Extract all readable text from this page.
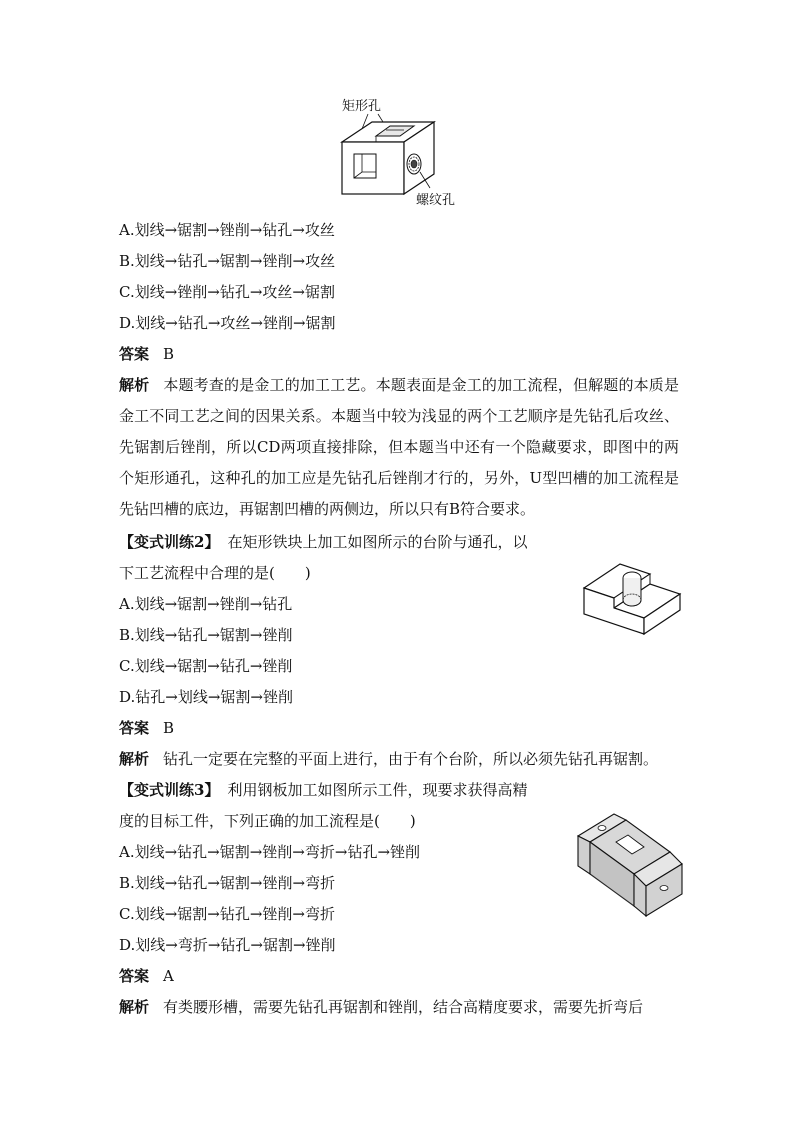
矩形孔
螺纹孔
A.划线→锯割→锉削→钻孔→攻丝
B.划线→钻孔→锯割→锉削→攻丝
C.划线→锉削→钻孔→攻丝→锯割
D.划线→钻孔→攻丝→锉削→锯割
答案 B
解析 本题考查的是金工的加工工艺。本题表面是金工的加工流程，但解题的本质是金工不同工艺之间的因果关系。本题当中较为浅显的两个工艺顺序是先钻孔后攻丝、先锯割后锉削，所以CD两项直接排除，但本题当中还有一个隐藏要求，即图中的两个矩形通孔，这种孔的加工应是先钻孔后锉削才行的，另外，U型凹槽的加工流程是先钻凹槽的底边，再锯割凹槽的两侧边，所以只有B符合要求。
【变式训练2】 在矩形铁块上加工如图所示的台阶与通孔，以
下工艺流程中合理的是(　　)
A.划线→锯割→锉削→钻孔
B.划线→钻孔→锯割→锉削
C.划线→锯割→钻孔→锉削
D.钻孔→划线→锯割→锉削
答案 B
解析 钻孔一定要在完整的平面上进行，由于有个台阶，所以必须先钻孔再锯割。
【变式训练3】 利用钢板加工如图所示工件，现要求获得高精
度的目标工件，下列正确的加工流程是(　　)
A.划线→钻孔→锯割→锉削→弯折→钻孔→锉削
B.划线→钻孔→锯割→锉削→弯折
C.划线→锯割→钻孔→锉削→弯折
D.划线→弯折→钻孔→锯割→锉削
答案 A
解析 有类腰形槽，需要先钻孔再锯割和锉削，结合高精度要求，需要先折弯后
